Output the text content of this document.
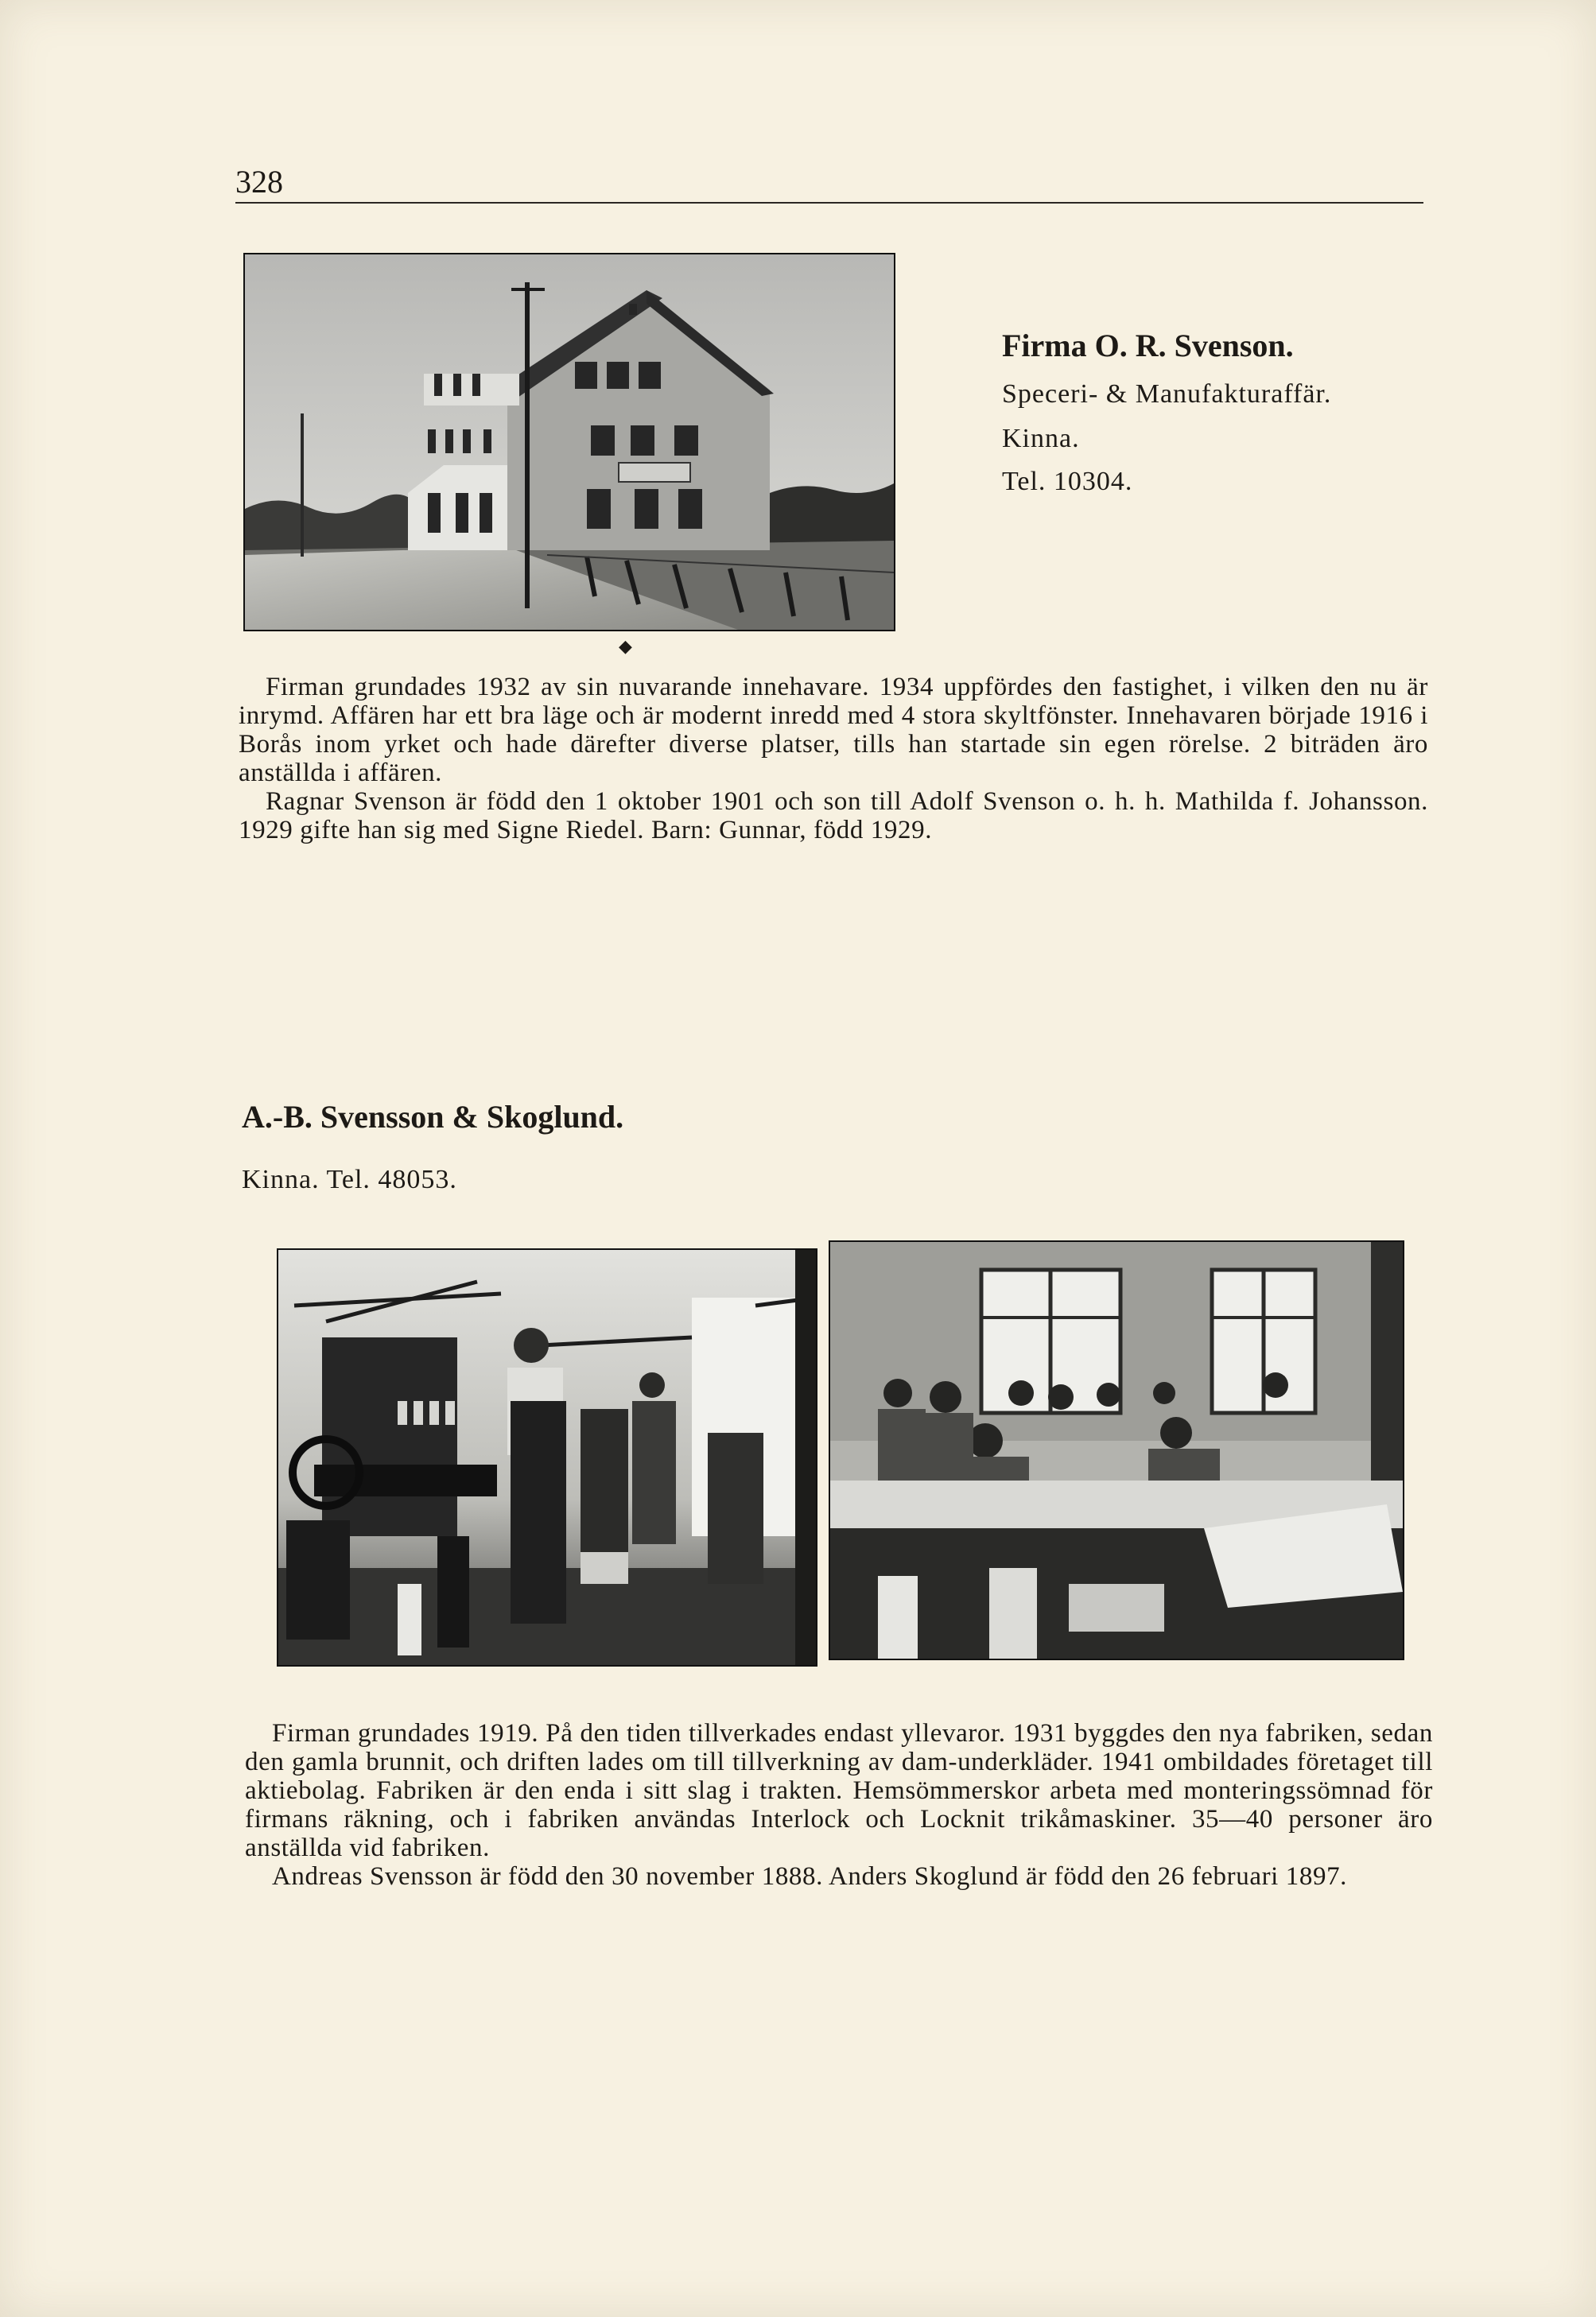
328
Firma O. R. Svenson.
Speceri- & Manufakturaffär.
Kinna.
Tel. 10304.
◆

Firman grundades 1932 av sin nuvarande innehavare. 1934 uppfördes den fastighet, i vilken den nu är inrymd. Affären har ett bra läge och är modernt inredd med 4 stora skyltfönster. Innehavaren började 1916 i Borås inom yrket och hade därefter diverse platser, tills han startade sin egen rörelse. 2 biträden äro anställda i affären.

Ragnar Svenson är född den 1 oktober 1901 och son till Adolf Svenson o. h. h. Mathilda f. Johansson. 1929 gifte han sig med Signe Riedel. Barn: Gunnar, född 1929.

A.-B. Svensson & Skoglund.
Kinna. Tel. 48053.

Firman grundades 1919. På den tiden tillverkades endast yllevaror. 1931 byggdes den nya fabriken, sedan den gamla brunnit, och driften lades om till tillverkning av dam-underkläder. 1941 ombildades företaget till aktiebolag. Fabriken är den enda i sitt slag i trakten. Hemsömmerskor arbeta med monteringssömnad för firmans räkning, och i fabriken användas Interlock och Locknit trikåmaskiner. 35—40 personer äro anställda vid fabriken.

Andreas Svensson är född den 30 november 1888. Anders Skoglund är född den 26 februari 1897.
